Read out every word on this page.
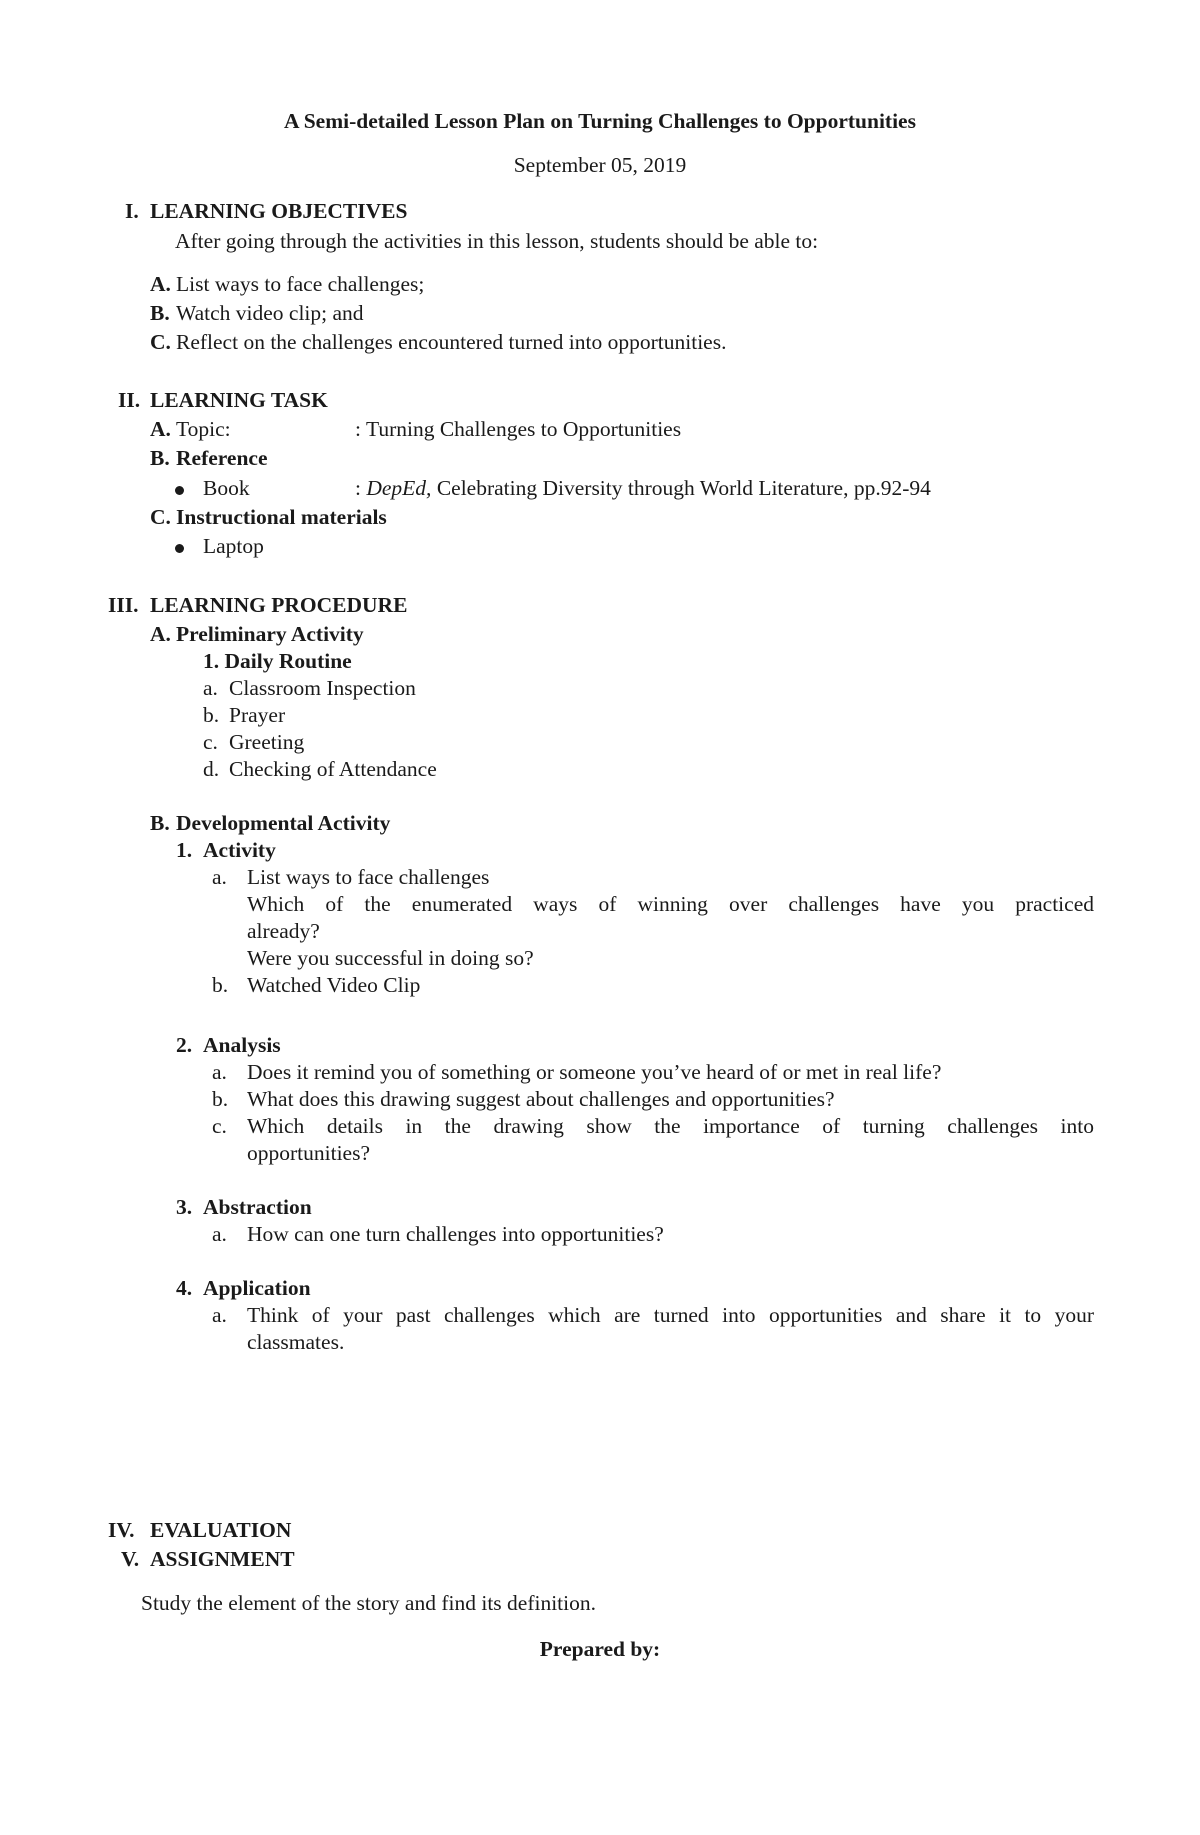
A Semi-detailed Lesson Plan on Turning Challenges to Opportunities
September 05, 2019
I. LEARNING OBJECTIVES
After going through the activities in this lesson, students should be able to:
A. List ways to face challenges;
B. Watch video clip; and
C. Reflect on the challenges encountered turned into opportunities.
II. LEARNING TASK
A. Topic:	: Turning Challenges to Opportunities
B. Reference
Book	: DepEd, Celebrating Diversity through World Literature, pp.92-94
C. Instructional materials
Laptop
III. LEARNING PROCEDURE
A. Preliminary Activity
1. Daily Routine
a. Classroom Inspection
b. Prayer
c. Greeting
d. Checking of Attendance
B. Developmental Activity
1. Activity
a. List ways to face challenges
Which of the enumerated ways of winning over challenges have you practiced
already?
Were you successful in doing so?
b. Watched Video Clip
2. Analysis
a. Does it remind you of something or someone you’ve heard of or met in real life?
b. What does this drawing suggest about challenges and opportunities?
c. Which details in the drawing show the importance of turning challenges into
opportunities?
3. Abstraction
a. How can one turn challenges into opportunities?
4. Application
a. Think of your past challenges which are turned into opportunities and share it to your
classmates.
IV. EVALUATION
V. ASSIGNMENT
Study the element of the story and find its definition.
Prepared by:
